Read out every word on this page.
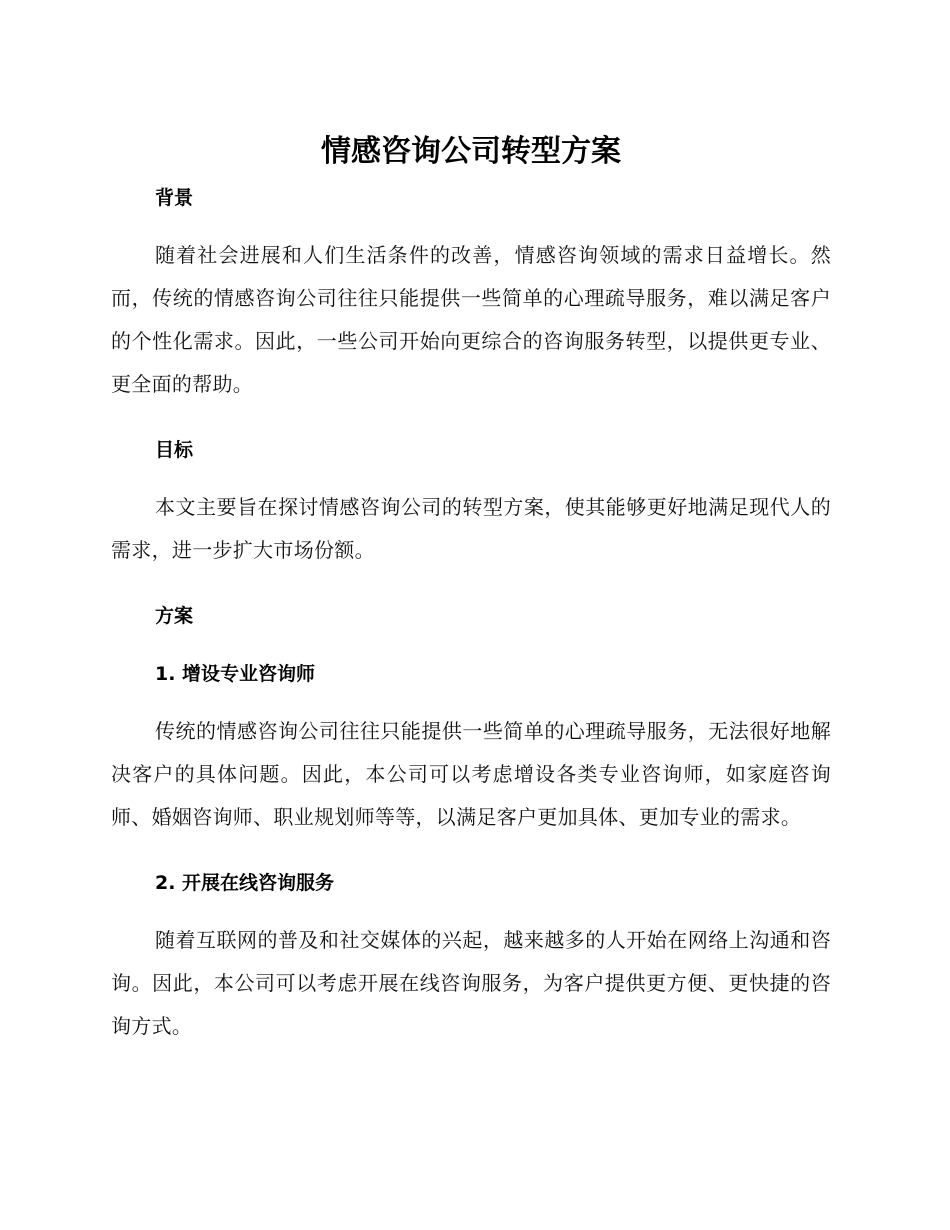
情感咨询公司转型方案
背景

随着社会进展和人们生活条件的改善，情感咨询领域的需求日益增长。然而，传统的情感咨询公司往往只能提供一些简单的心理疏导服务，难以满足客户的个性化需求。因此，一些公司开始向更综合的咨询服务转型，以提供更专业、更全面的帮助。

目标

本文主要旨在探讨情感咨询公司的转型方案，使其能够更好地满足现代人的需求，进一步扩大市场份额。

方案
1. 增设专业咨询师

传统的情感咨询公司往往只能提供一些简单的心理疏导服务，无法很好地解决客户的具体问题。因此，本公司可以考虑增设各类专业咨询师，如家庭咨询师、婚姻咨询师、职业规划师等等，以满足客户更加具体、更加专业的需求。

2. 开展在线咨询服务

随着互联网的普及和社交媒体的兴起，越来越多的人开始在网络上沟通和咨询。因此，本公司可以考虑开展在线咨询服务，为客户提供更方便、更快捷的咨询方式。
